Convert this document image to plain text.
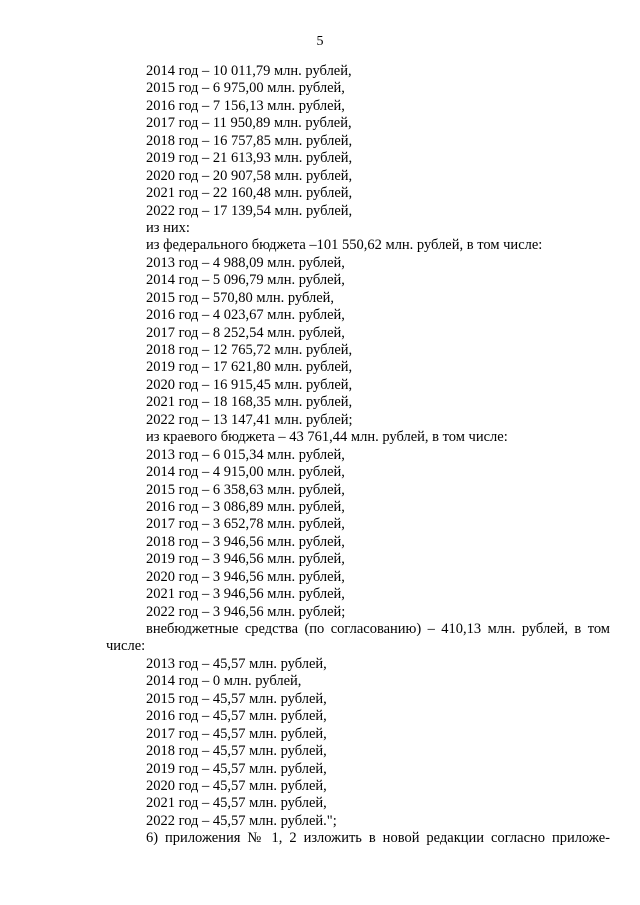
5
2014 год – 10 011,79 млн. рублей,
2015 год – 6 975,00 млн. рублей,
2016 год – 7 156,13 млн. рублей,
2017 год – 11 950,89 млн. рублей,
2018 год – 16 757,85 млн. рублей,
2019 год – 21 613,93 млн. рублей,
2020 год – 20 907,58 млн. рублей,
2021 год – 22 160,48 млн. рублей,
2022 год – 17 139,54 млн. рублей,
из них:
из федерального бюджета –101 550,62 млн. рублей, в том числе:
2013 год – 4 988,09 млн. рублей,
2014 год – 5 096,79 млн. рублей,
2015 год – 570,80 млн. рублей,
2016 год – 4 023,67 млн. рублей,
2017 год – 8 252,54 млн. рублей,
2018 год – 12 765,72 млн. рублей,
2019 год – 17 621,80 млн. рублей,
2020 год – 16 915,45 млн. рублей,
2021 год – 18 168,35 млн. рублей,
2022 год – 13 147,41 млн. рублей;
из краевого бюджета – 43 761,44 млн. рублей, в том числе:
2013 год – 6 015,34 млн. рублей,
2014 год – 4 915,00 млн. рублей,
2015 год – 6 358,63 млн. рублей,
2016 год – 3 086,89 млн. рублей,
2017 год – 3 652,78 млн. рублей,
2018 год – 3 946,56 млн. рублей,
2019 год – 3 946,56 млн. рублей,
2020 год – 3 946,56 млн. рублей,
2021 год – 3 946,56 млн. рублей,
2022 год – 3 946,56 млн. рублей;
внебюджетные средства (по согласованию) – 410,13 млн. рублей, в том
числе:
2013 год – 45,57 млн. рублей,
2014 год – 0 млн. рублей,
2015 год – 45,57 млн. рублей,
2016 год – 45,57 млн. рублей,
2017 год – 45,57 млн. рублей,
2018 год – 45,57 млн. рублей,
2019 год – 45,57 млн. рублей,
2020 год – 45,57 млн. рублей,
2021 год – 45,57 млн. рублей,
2022 год – 45,57 млн. рублей.";
6) приложения № 1, 2 изложить в новой редакции согласно приложе-
